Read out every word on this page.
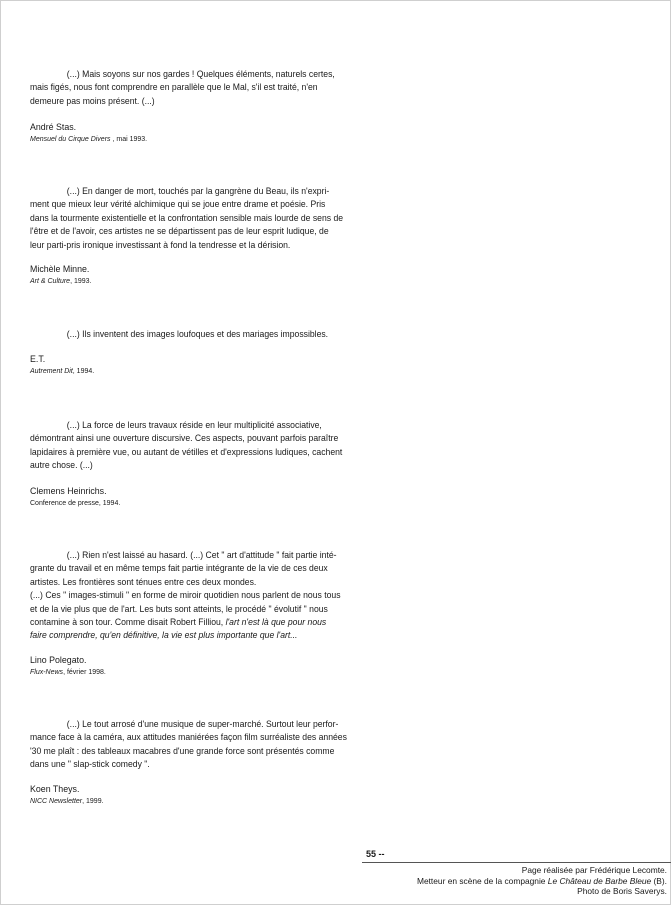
(...) Mais soyons sur nos gardes ! Quelques éléments, naturels certes,
mais figés, nous font comprendre en parallèle que le Mal, s'il est traité, n'en
demeure pas moins présent. (...)

André Stas.

Mensuel du Cirque Divers , mai 1993.

(...) En danger de mort, touchés par la gangrène du Beau, ils n'expri-
ment que mieux leur vérité alchimique qui se joue entre drame et poésie. Pris
dans la tourmente existentielle et la confrontation sensible mais lourde de sens de
l'être et de l'avoir, ces artistes ne se départissent pas de leur esprit ludique, de
leur parti-pris ironique investissant à fond la tendresse et la dérision.

Michèle Minne.

Art & Culture, 1993.

(...) Ils inventent des images loufoques et des mariages impossibles.

E.T.

Autrement Dit, 1994.

(...) La force de leurs travaux réside en leur multiplicité associative,
démontrant ainsi une ouverture discursive. Ces aspects, pouvant parfois paraître
lapidaires à première vue, ou autant de vétilles et d'expressions ludiques, cachent
autre chose. (...)

Clemens Heinrichs.

Conference de presse, 1994.

(...) Rien n'est laissé au hasard. (...) Cet " art d'attitude " fait partie inté-
grante du travail et en même temps fait partie intégrante de la vie de ces deux
artistes. Les frontières sont ténues entre ces deux mondes.
(...) Ces " images-stimuli " en forme de miroir quotidien nous parlent de nous tous
et de la vie plus que de l'art. Les buts sont atteints, le procédé " évolutif " nous
contamine à son tour. Comme disait Robert Filliou, l'art n'est là que pour nous
faire comprendre, qu'en définitive, la vie est plus importante que l'art...

Lino Polegato.

Flux-News, février 1998.

(...) Le tout arrosé d'une musique de super-marché. Surtout leur perfor-
mance face à la caméra, aux attitudes maniérées façon film surréaliste des années
'30 me plaît : des tableaux macabres d'une grande force sont présentés comme
dans une " slap-stick comedy ".

Koen Theys.

NICC Newsletter, 1999.

55 --
Page réalisée par Frédérique Lecomte.
Metteur en scène de la compagnie Le Château de Barbe Bleue (B).
Photo de Boris Saverys.
